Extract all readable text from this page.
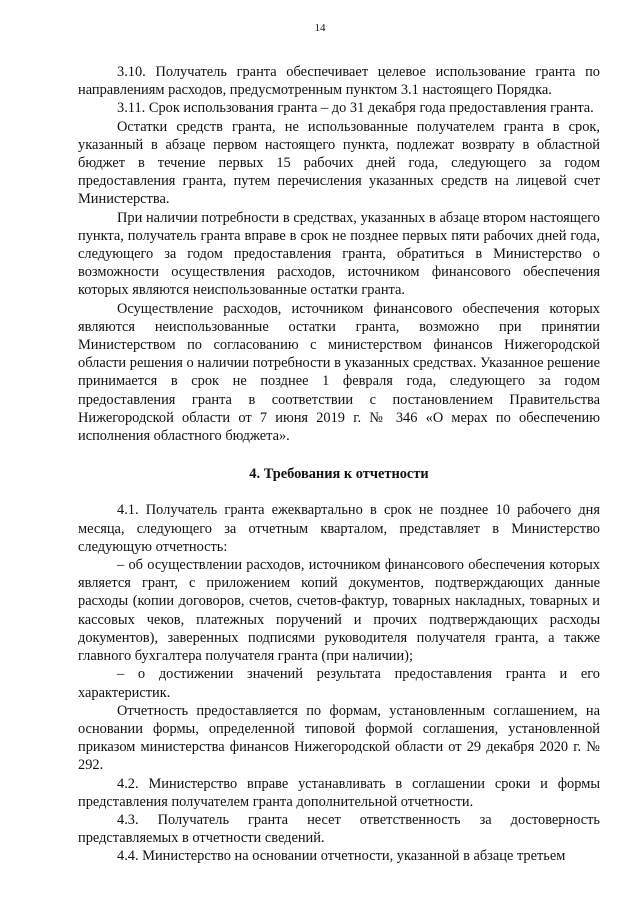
14

3.10. Получатель гранта обеспечивает целевое использование гранта по направлениям расходов, предусмотренным пунктом 3.1 настоящего Порядка.

3.11. Срок использования гранта – до 31 декабря года предоставления гранта.

Остатки средств гранта, не использованные получателем гранта в срок, указанный в абзаце первом настоящего пункта, подлежат возврату в областной бюджет в течение первых 15 рабочих дней года, следующего за годом предоставления гранта, путем перечисления указанных средств на лицевой счет Министерства.

При наличии потребности в средствах, указанных в абзаце втором настоящего пункта, получатель гранта вправе в срок не позднее первых пяти рабочих дней года, следующего за годом предоставления гранта, обратиться в Министерство о возможности осуществления расходов, источником финансового обеспечения которых являются неиспользованные остатки гранта.

Осуществление расходов, источником финансового обеспечения которых являются неиспользованные остатки гранта, возможно при принятии Министерством по согласованию с министерством финансов Нижегородской области решения о наличии потребности в указанных средствах. Указанное решение принимается в срок не позднее 1 февраля года, следующего за годом предоставления гранта в соответствии с постановлением Правительства Нижегородской области от 7 июня 2019 г. № 346 «О мерах по обеспечению исполнения областного бюджета».

4. Требования к отчетности

4.1. Получатель гранта ежеквартально в срок не позднее 10 рабочего дня месяца, следующего за отчетным кварталом, представляет в Министерство следующую отчетность:

– об осуществлении расходов, источником финансового обеспечения которых является грант, с приложением копий документов, подтверждающих данные расходы (копии договоров, счетов, счетов-фактур, товарных накладных, товарных и кассовых чеков, платежных поручений и прочих подтверждающих расходы документов), заверенных подписями руководителя получателя гранта, а также главного бухгалтера получателя гранта (при наличии);

– о достижении значений результата предоставления гранта и его характеристик.

Отчетность предоставляется по формам, установленным соглашением, на основании формы, определенной типовой формой соглашения, установленной приказом министерства финансов Нижегородской области от 29 декабря 2020 г. № 292.

4.2. Министерство вправе устанавливать в соглашении сроки и формы представления получателем гранта дополнительной отчетности.

4.3. Получатель гранта несет ответственность за достоверность представляемых в отчетности сведений.

4.4. Министерство на основании отчетности, указанной в абзаце третьем
